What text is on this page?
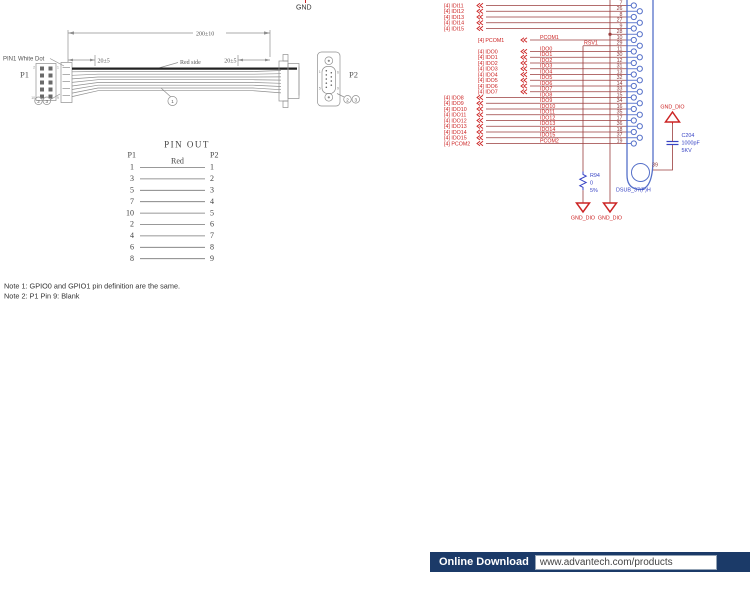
GND
200±10
20±5	20±5
Red side
PIN1 White Dot
P1
2	1
10	9
1
2 3
1	6
5	9
P2
2 3
PIN OUT
P1
Red
P2
1	1
3	2
5	3
7	4
10	5
2	6
4	7
6	8
8	9
Note 1: GPIO0 and GPIO1 pin definition are the same.
Note 2: P1 Pin 9: Blank
[4] IDI11
7
[4] IDI12
26
[4] IDI13
8
[4] IDI14
27
[4] IDI15
9
28
[4] PCOM1
PCOM1	10
RSV1	29
[4] IDO0
IDO0	11
[4] IDO1
IDO1	30
[4] IDO2
IDO2	12
[4] IDO3
IDO3	31
[4] IDO4
IDO4	13
[4] IDO5
IDO5	32
[4] IDO6
IDO6	14
[4] IDO7
IDO7	33
[4] IDO8
IDO8	15
[4] IDO9
IDO9	34
[4] IDO10
IDO10	16
[4] IDO11
IDO11	35
[4] IDO12
IDO12	17
[4] IDO13
IDO13	36
[4] IDO14
IDO14	18
[4] IDO15
IDO15	37
[4] PCOM2
PCOM2	19
GND_DIO
R94
0
5%
GND_DIO
DSUB_37(F)H
39
C204
1000pF
5KV
GND_DIO
Online Download	www.advantech.com/products
